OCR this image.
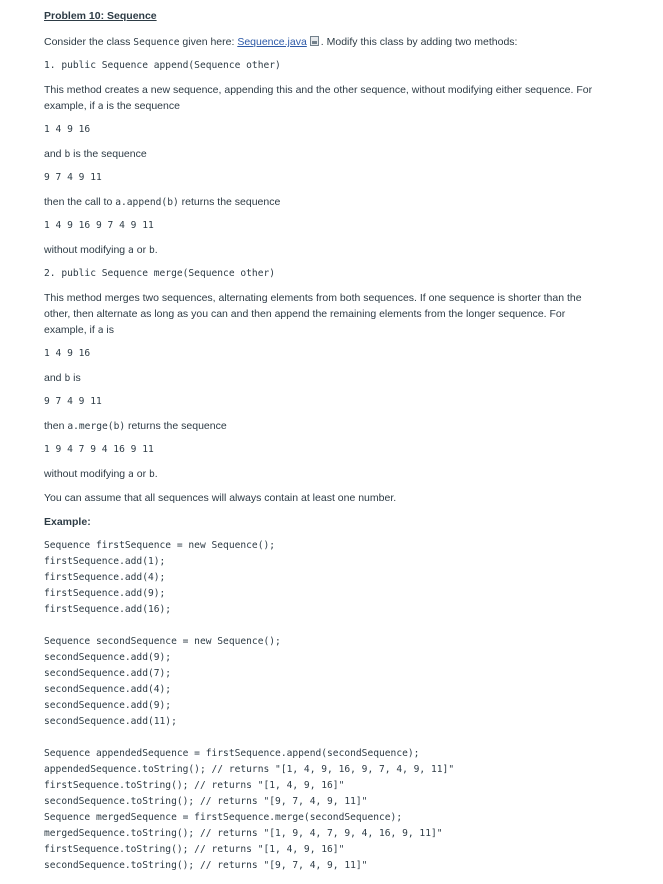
Problem 10: Sequence

Consider the class Sequence given here: Sequence.java . Modify this class by adding two methods:

1. public Sequence append(Sequence other)

This method creates a new sequence, appending this and the other sequence, without modifying either sequence. For

example, if a is the sequence

1 4 9 16

and b is the sequence

9 7 4 9 11

then the call to a.append(b) returns the sequence

1 4 9 16 9 7 4 9 11

without modifying a or b.

2. public Sequence merge(Sequence other)

This method merges two sequences, alternating elements from both sequences. If one sequence is shorter than the

other, then alternate as long as you can and then append the remaining elements from the longer sequence. For

example, if a is

1 4 9 16

and b is

9 7 4 9 11

then a.merge(b) returns the sequence

1 9 4 7 9 4 16 9 11

without modifying a or b.

You can assume that all sequences will always contain at least one number.

Example:

Sequence firstSequence = new Sequence();
firstSequence.add(1);
firstSequence.add(4);
firstSequence.add(9);
firstSequence.add(16);
Sequence secondSequence = new Sequence();
secondSequence.add(9);
secondSequence.add(7);
secondSequence.add(4);
secondSequence.add(9);
secondSequence.add(11);
Sequence appendedSequence = firstSequence.append(secondSequence);
appendedSequence.toString(); // returns "[1, 4, 9, 16, 9, 7, 4, 9, 11]"
firstSequence.toString(); // returns "[1, 4, 9, 16]"
secondSequence.toString(); // returns "[9, 7, 4, 9, 11]"
Sequence mergedSequence = firstSequence.merge(secondSequence);
mergedSequence.toString(); // returns "[1, 9, 4, 7, 9, 4, 16, 9, 11]"
firstSequence.toString(); // returns "[1, 4, 9, 16]"
secondSequence.toString(); // returns "[9, 7, 4, 9, 11]"
